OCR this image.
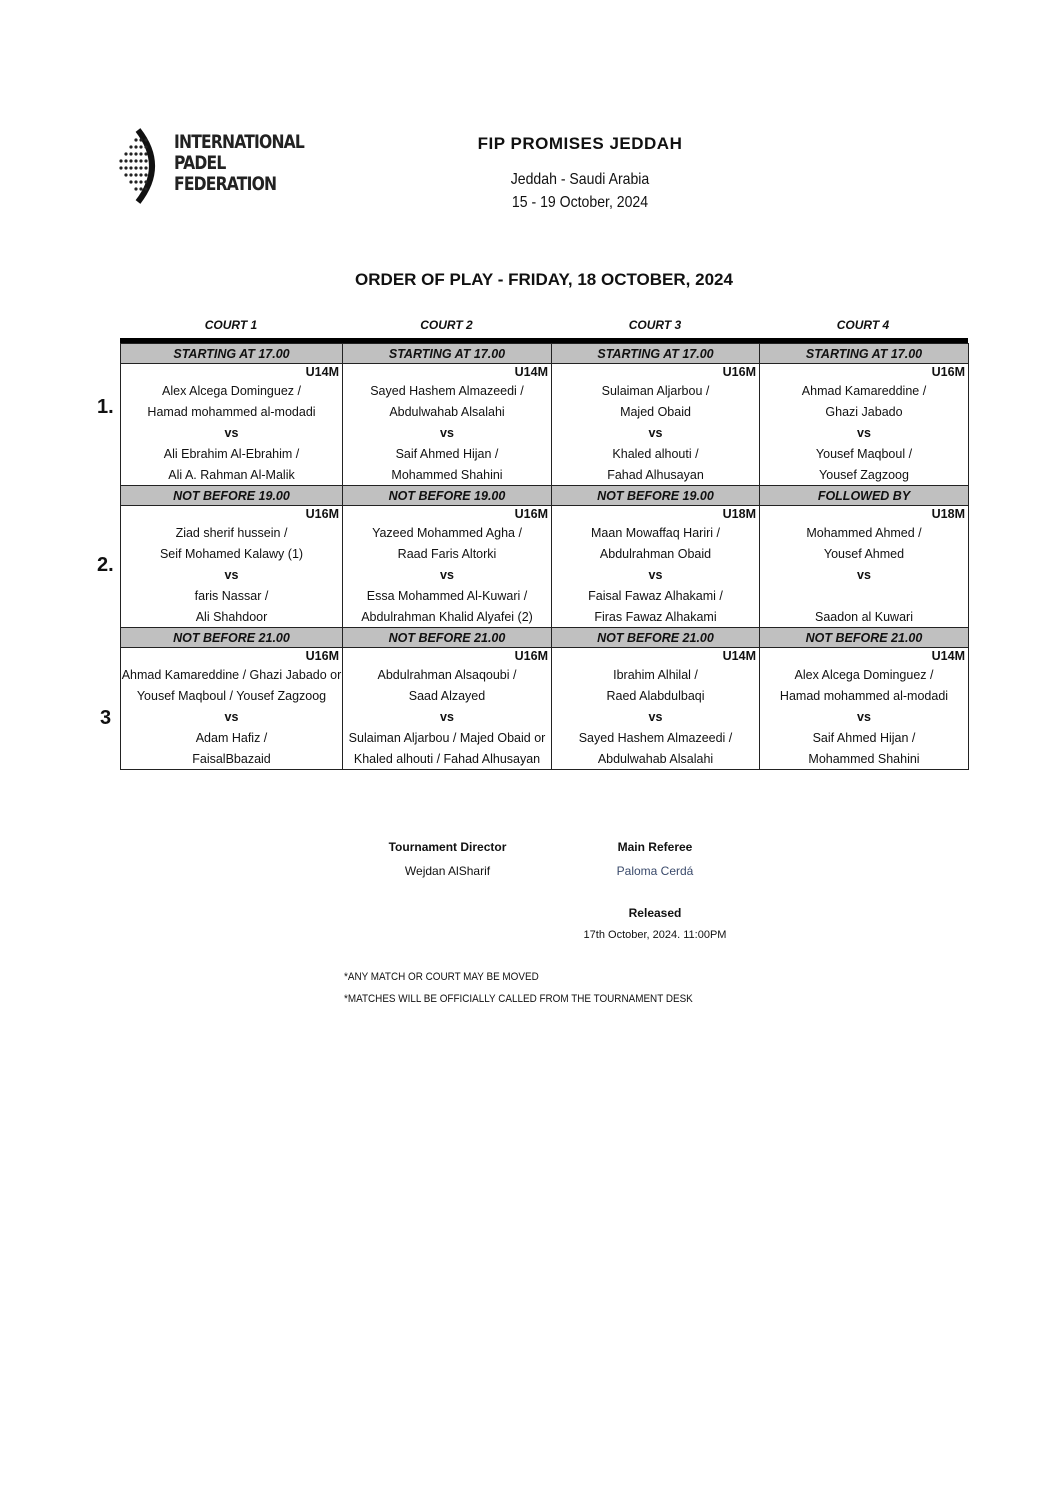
INTERNATIONAL
PADEL
FEDERATION
FIP PROMISES JEDDAH
Jeddah - Saudi Arabia
15 - 19 October, 2024
ORDER OF PLAY - FRIDAY, 18 OCTOBER, 2024
COURT 1	COURT 2	COURT 3	COURT 4
STARTING AT 17.00	STARTING AT 17.00	STARTING AT 17.00	STARTING AT 17.00
U14M	U14M	U16M	U16M
Alex Alcega Dominguez /	Sayed Hashem Almazeedi /	Sulaiman Aljarbou /	Ahmad Kamareddine /
Hamad mohammed al-modadi	Abdulwahab Alsalahi	Majed Obaid	Ghazi Jabado
vs	vs	vs	vs
Ali Ebrahim Al-Ebrahim /	Saif Ahmed Hijan /	Khaled alhouti /	Yousef Maqboul /
Ali A. Rahman Al-Malik	Mohammed Shahini	Fahad Alhusayan	Yousef Zagzoog
NOT BEFORE 19.00	NOT BEFORE 19.00	NOT BEFORE 19.00	FOLLOWED BY
U16M	U16M	U18M	U18M
Ziad sherif hussein /	Yazeed Mohammed Agha /	Maan Mowaffaq Hariri /	Mohammed Ahmed /
Seif Mohamed Kalawy (1)	Raad Faris Altorki	Abdulrahman Obaid	Yousef Ahmed
vs	vs	vs	vs
faris Nassar /	Essa Mohammed Al-Kuwari /	Faisal Fawaz Alhakami /	
Ali Shahdoor	Abdulrahman Khalid Alyafei (2)	Firas Fawaz Alhakami	Saadon al Kuwari
NOT BEFORE 21.00	NOT BEFORE 21.00	NOT BEFORE 21.00	NOT BEFORE 21.00
U16M	U16M	U14M	U14M
Ahmad Kamareddine / Ghazi Jabado or	Abdulrahman Alsaqoubi /	Ibrahim Alhilal /	Alex Alcega Dominguez /
Yousef Maqboul / Yousef Zagzoog	Saad Alzayed	Raed Alabdulbaqi	Hamad mohammed al-modadi
vs	vs	vs	vs
Adam Hafiz /	Sulaiman Aljarbou / Majed Obaid or	Sayed Hashem Almazeedi /	Saif Ahmed Hijan /
FaisalBbazaid	Khaled alhouti / Fahad Alhusayan	Abdulwahab Alsalahi	Mohammed Shahini
1.
2.
3
Tournament Director
Wejdan AlSharif
Main Referee
Paloma Cerdá
Released
17th October, 2024. 11:00PM
*ANY MATCH OR COURT MAY BE MOVED
*MATCHES WILL BE OFFICIALLY CALLED FROM THE TOURNAMENT DESK
